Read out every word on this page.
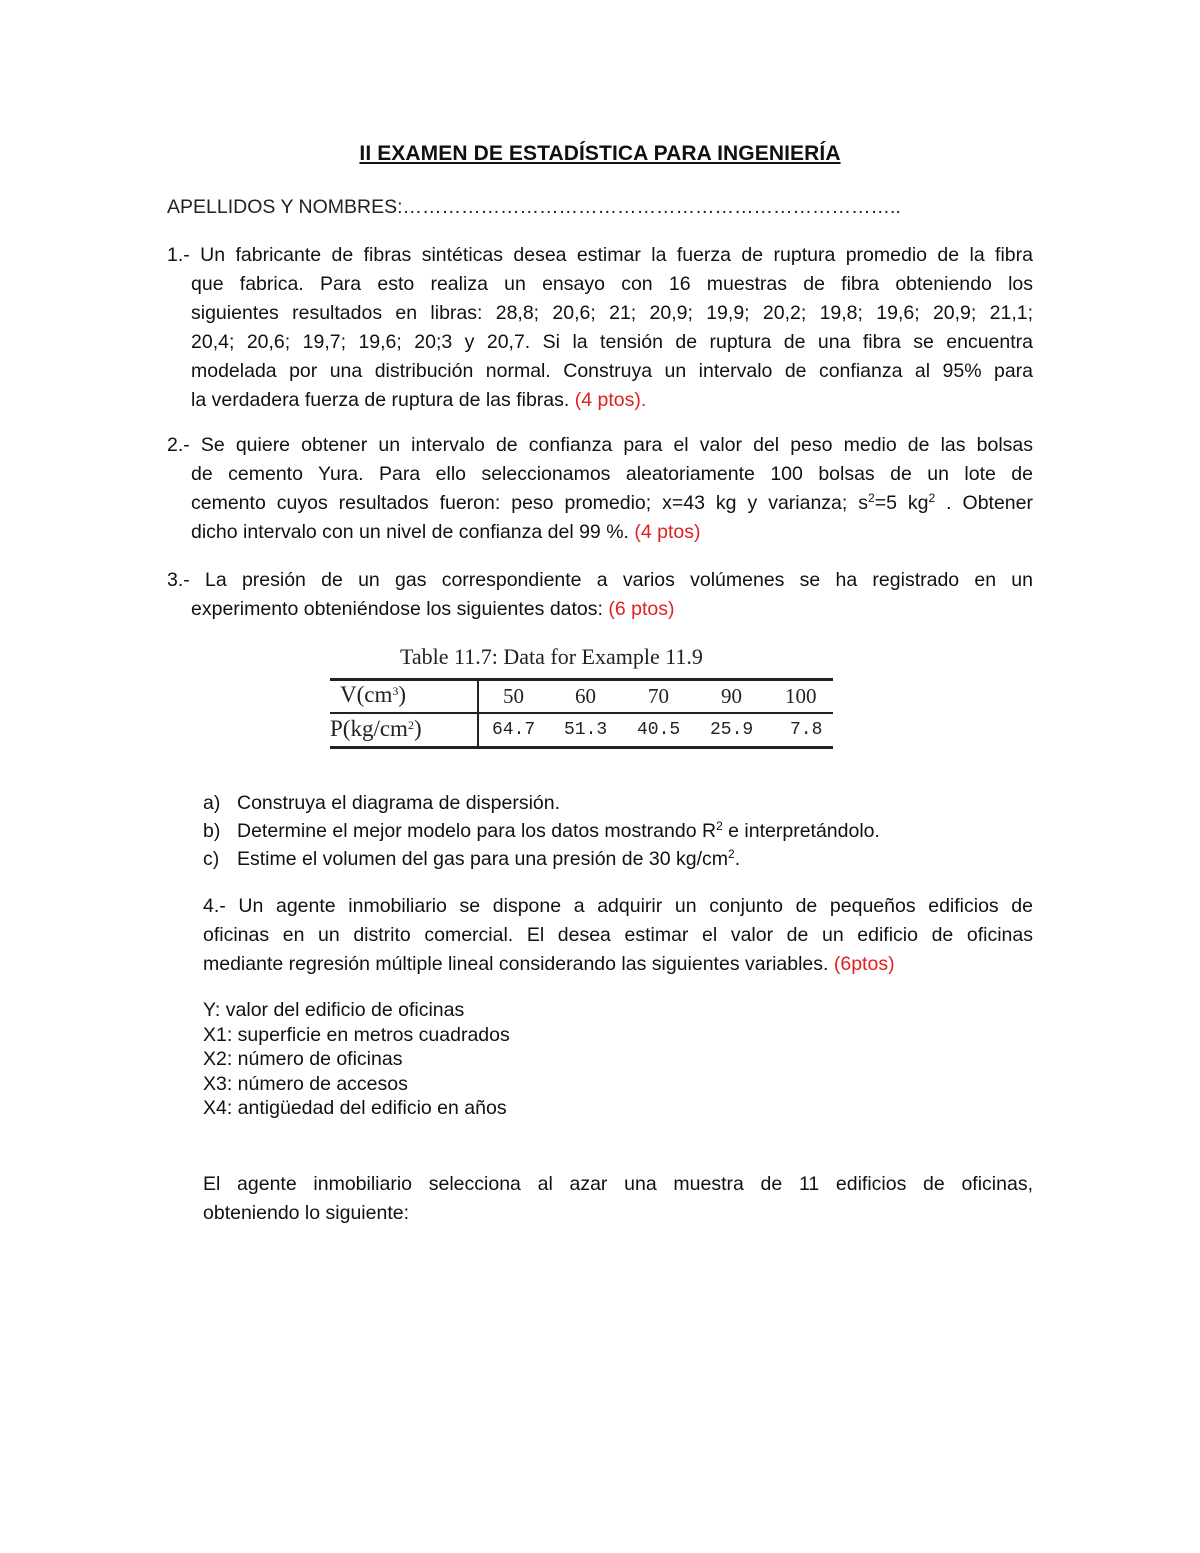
II EXAMEN DE ESTADÍSTICA PARA INGENIERÍA
APELLIDOS Y NOMBRES:…………………………………………………………………..
1.- Un fabricante de fibras sintéticas desea estimar la fuerza de ruptura promedio de la fibra
que fabrica. Para esto realiza un ensayo con 16 muestras de fibra obteniendo los
siguientes resultados en libras: 28,8; 20,6; 21; 20,9; 19,9; 20,2; 19,8; 19,6; 20,9; 21,1;
20,4; 20,6; 19,7; 19,6; 20;3 y 20,7. Si la tensión de ruptura de una fibra se encuentra
modelada por una distribución normal. Construya un intervalo de confianza al 95% para
la verdadera fuerza de ruptura de las fibras. (4 ptos).
2.- Se quiere obtener un intervalo de confianza para el valor del peso medio de las bolsas
de cemento Yura. Para ello seleccionamos aleatoriamente 100 bolsas de un lote de
cemento cuyos resultados fueron: peso promedio; x=43 kg y varianza; $s^2=5$ $kg^2$ . Obtener
dicho intervalo con un nivel de confianza del 99 %. (4 ptos)
3.- La presión de un gas correspondiente a varios volúmenes se ha registrado en un
experimento obteniéndose los siguientes datos: (6 ptos)
Table 11.7: Data for Example 11.9
$V(cm^3)$
$P(kg/cm^2)$
50 60 70 90 100
64.7 51.3 40.5 25.9 7.8
a) Construya el diagrama de dispersión.
b) Determine el mejor modelo para los datos mostrando $R^2$ e interpretándolo.
c) Estime el volumen del gas para una presión de 30 $kg/cm^2$.
4.- Un agente inmobiliario se dispone a adquirir un conjunto de pequeños edificios de
oficinas en un distrito comercial. El desea estimar el valor de un edificio de oficinas
mediante regresión múltiple lineal considerando las siguientes variables. (6ptos)
Y: valor del edificio de oficinas
X1: superficie en metros cuadrados
X2: número de oficinas
X3: número de accesos
X4: antigüedad del edificio en años
El agente inmobiliario selecciona al azar una muestra de 11 edificios de oficinas,
obteniendo lo siguiente:
